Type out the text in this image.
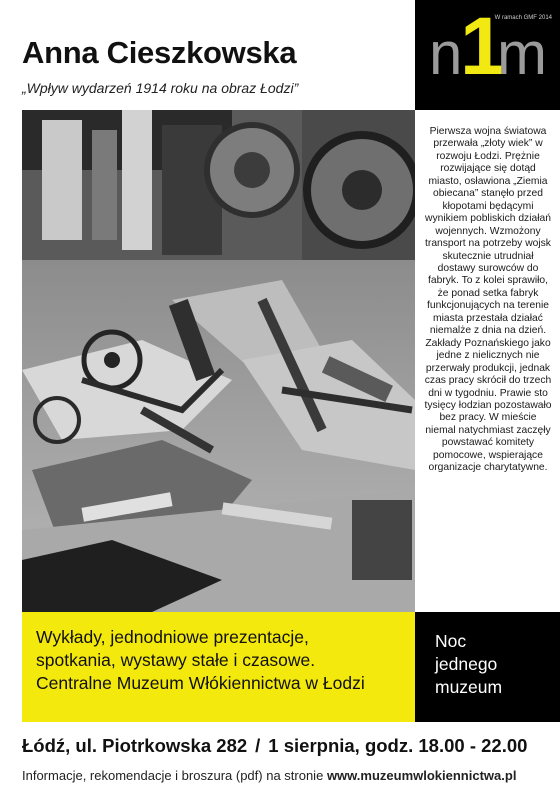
Anna Cieszkowska
„Wpływ wydarzeń 1914 roku na obraz Łodzi”
W ramach GMF 2014
n
1
m
Pierwsza wojna światowa przerwała „złoty wiek” w rozwoju Łodzi. Prężnie rozwijające się dotąd miasto, osławiona „Ziemia obiecana” stanęło przed kłopotami będącymi wynikiem pobliskich działań wojennych. Wzmożony transport na potrzeby wojsk skutecznie utrudniał dostawy surowców do fabryk. To z kolei sprawiło, że ponad setka fabryk funkcjonujących na terenie miasta przestała działać niemalże z dnia na dzień. Zakłady Poznańskiego jako jedne z nielicznych nie przerwały produkcji, jednak czas pracy skrócił do trzech dni w tygodniu. Prawie sto tysięcy łodzian pozostawało bez pracy. W mieście niemal natychmiast zaczęły powstawać komitety pomocowe, wspierające organizacje charytatywne.
Wykłady, jednodniowe prezentacje,
spotkania, wystawy stałe i czasowe.
Centralne Muzeum Włókiennictwa w Łodzi
Noc
jednego
muzeum
Łódź, ul. Piotrkowska 282 / 1 sierpnia, godz. 18.00 - 22.00
Informacje, rekomendacje i broszura (pdf) na stronie www.muzeumwlokiennictwa.pl
